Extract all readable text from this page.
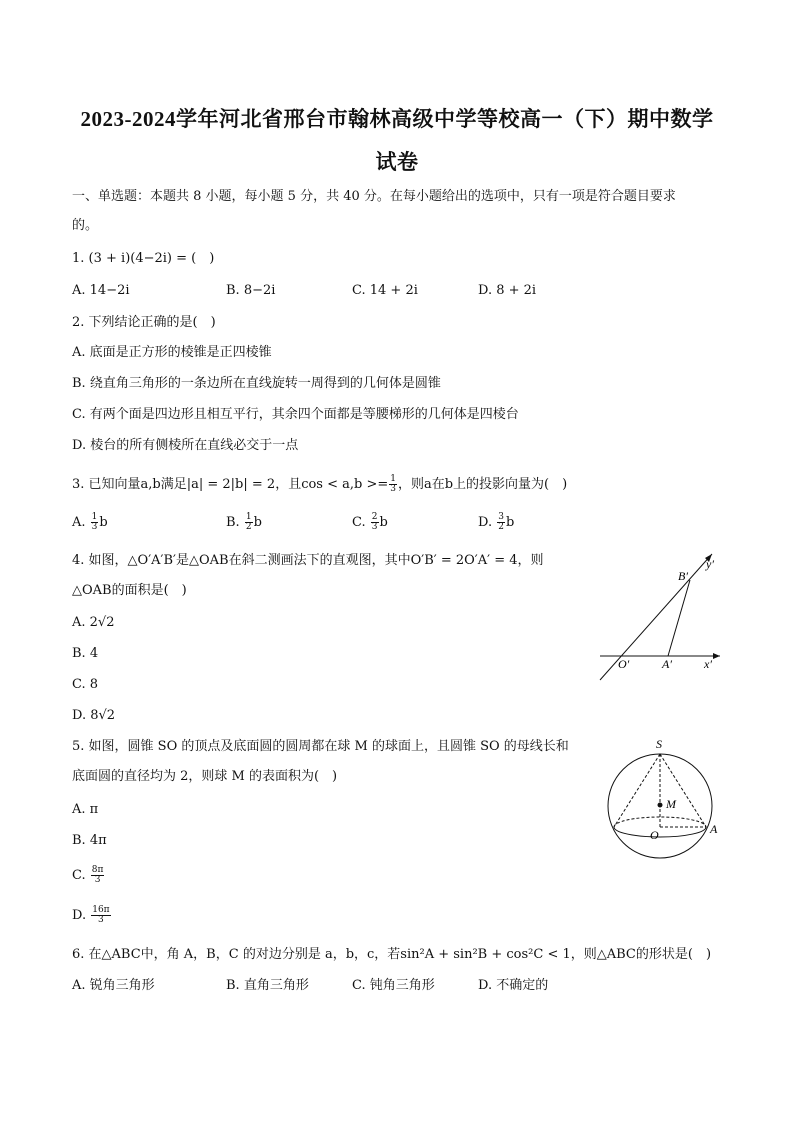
2023-2024学年河北省邢台市翰林高级中学等校高一（下）期中数学
试卷
一、单选题：本题共 8 小题，每小题 5 分，共 40 分。在每小题给出的选项中，只有一项是符合题目要求
的。
1. (3 + i)(4−2i) = (　)
A. 14−2i	B. 8−2i	C. 14 + 2i	D. 8 + 2i
2. 下列结论正确的是(　)
A. 底面是正方形的棱锥是正四棱锥
B. 绕直角三角形的一条边所在直线旋转一周得到的几何体是圆锥
C. 有两个面是四边形且相互平行，其余四个面都是等腰梯形的几何体是四棱台
D. 棱台的所有侧棱所在直线必交于一点
3. 已知向量a,b满足|a| = 2|b| = 2，且$\cos < a,b >= \frac{1}{3}$ ，则a在b上的投影向量为(　)
A. $\frac{1}{3}$ b	B. $\frac{1}{2}$ b	C. $\frac{2}{3}$ b	D. $\frac{3}{2}$ b
4. 如图，△O′A′B′是△OAB在斜二测画法下的直观图，其中O′B′ = 2O′A′ = 4，则
△OAB的面积是(　)
A. 2√2
B. 4
C. 8
D. 8√2
B′
y′
O′	A′	x′
5. 如图，圆锥 SO 的顶点及底面圆的圆周都在球 M 的球面上，且圆锥 SO 的母线长和
底面圆的直径均为 2，则球 M 的表面积为(　)
A. π
B. 4π
C. $\frac{8\pi}{3}$
D. $\frac{16\pi}{3}$
S
M
O	A
6. 在△ABC中，角 A，B，C 的对边分别是 a，b，c，若sin²A + sin²B + cos²C < 1，则△ABC的形状是(　)
A. 锐角三角形	B. 直角三角形	C. 钝角三角形	D. 不确定的
